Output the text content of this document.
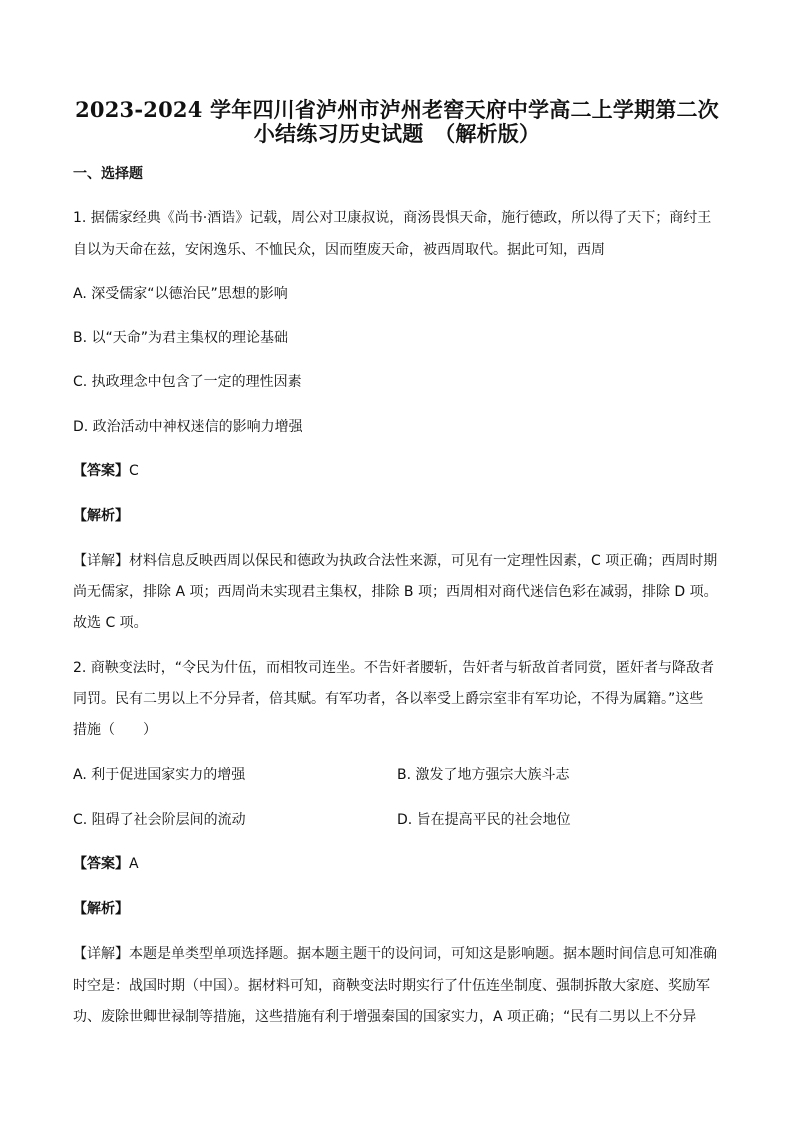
2023-2024 学年四川省泸州市泸州老窖天府中学高二上学期第二次
小结练习历史试题　（解析版）
一、选择题
1. 据儒家经典《尚书·酒诰》记载，周公对卫康叔说，商汤畏惧天命，施行德政，所以得了天下；商纣王
自以为天命在兹，安闲逸乐、不恤民众，因而堕废天命，被西周取代。据此可知，西周
A. 深受儒家“以德治民”思想的影响
B. 以“天命”为君主集权的理论基础
C. 执政理念中包含了一定的理性因素
D. 政治活动中神权迷信的影响力增强
【答案】C
【解析】
【详解】材料信息反映西周以保民和德政为执政合法性来源，可见有一定理性因素，C 项正确；西周时期
尚无儒家，排除 A 项；西周尚未实现君主集权，排除 B 项；西周相对商代迷信色彩在减弱，排除 D 项。
故选 C 项。
2. 商鞅变法时，“令民为什伍，而相牧司连坐。不告奸者腰斩，告奸者与斩敌首者同赏，匿奸者与降敌者
同罚。民有二男以上不分异者，倍其赋。有军功者，各以率受上爵宗室非有军功论，不得为属籍。”这些
措施（　　）
A. 利于促进国家实力的增强	B. 激发了地方强宗大族斗志
C. 阻碍了社会阶层间的流动	D. 旨在提高平民的社会地位
【答案】A
【解析】
【详解】本题是单类型单项选择题。据本题主题干的设问词，可知这是影响题。据本题时间信息可知准确
时空是：战国时期（中国）。据材料可知，商鞅变法时期实行了什伍连坐制度、强制拆散大家庭、奖励军
功、废除世卿世禄制等措施，这些措施有利于增强秦国的国家实力，A 项正确；“民有二男以上不分异
